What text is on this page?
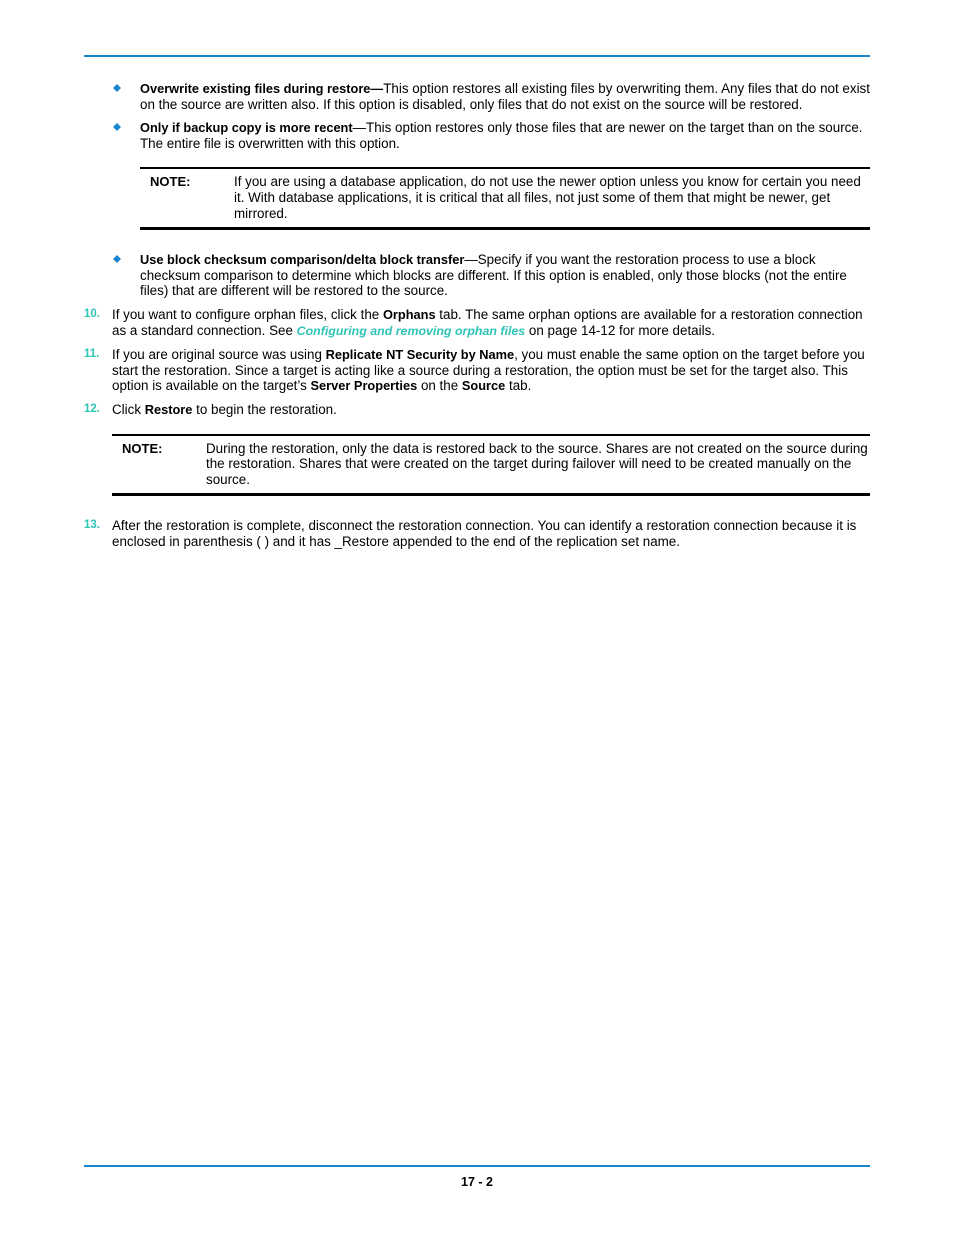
Overwrite existing files during restore—This option restores all existing files by overwriting them. Any files that do not exist on the source are written also. If this option is disabled, only files that do not exist on the source will be restored.
Only if backup copy is more recent—This option restores only those files that are newer on the target than on the source. The entire file is overwritten with this option.
NOTE:	If you are using a database application, do not use the newer option unless you know for certain you need it. With database applications, it is critical that all files, not just some of them that might be newer, get mirrored.
Use block checksum comparison/delta block transfer—Specify if you want the restoration process to use a block checksum comparison to determine which blocks are different. If this option is enabled, only those blocks (not the entire files) that are different will be restored to the source.
10. If you want to configure orphan files, click the Orphans tab. The same orphan options are available for a restoration connection as a standard connection. See Configuring and removing orphan files on page 14-12 for more details.
11. If you are original source was using Replicate NT Security by Name, you must enable the same option on the target before you start the restoration. Since a target is acting like a source during a restoration, the option must be set for the target also. This option is available on the target’s Server Properties on the Source tab.
12. Click Restore to begin the restoration.
NOTE:	During the restoration, only the data is restored back to the source. Shares are not created on the source during the restoration. Shares that were created on the target during failover will need to be created manually on the source.
13. After the restoration is complete, disconnect the restoration connection. You can identify a restoration connection because it is enclosed in parenthesis ( ) and it has _Restore appended to the end of the replication set name.
17 - 2
